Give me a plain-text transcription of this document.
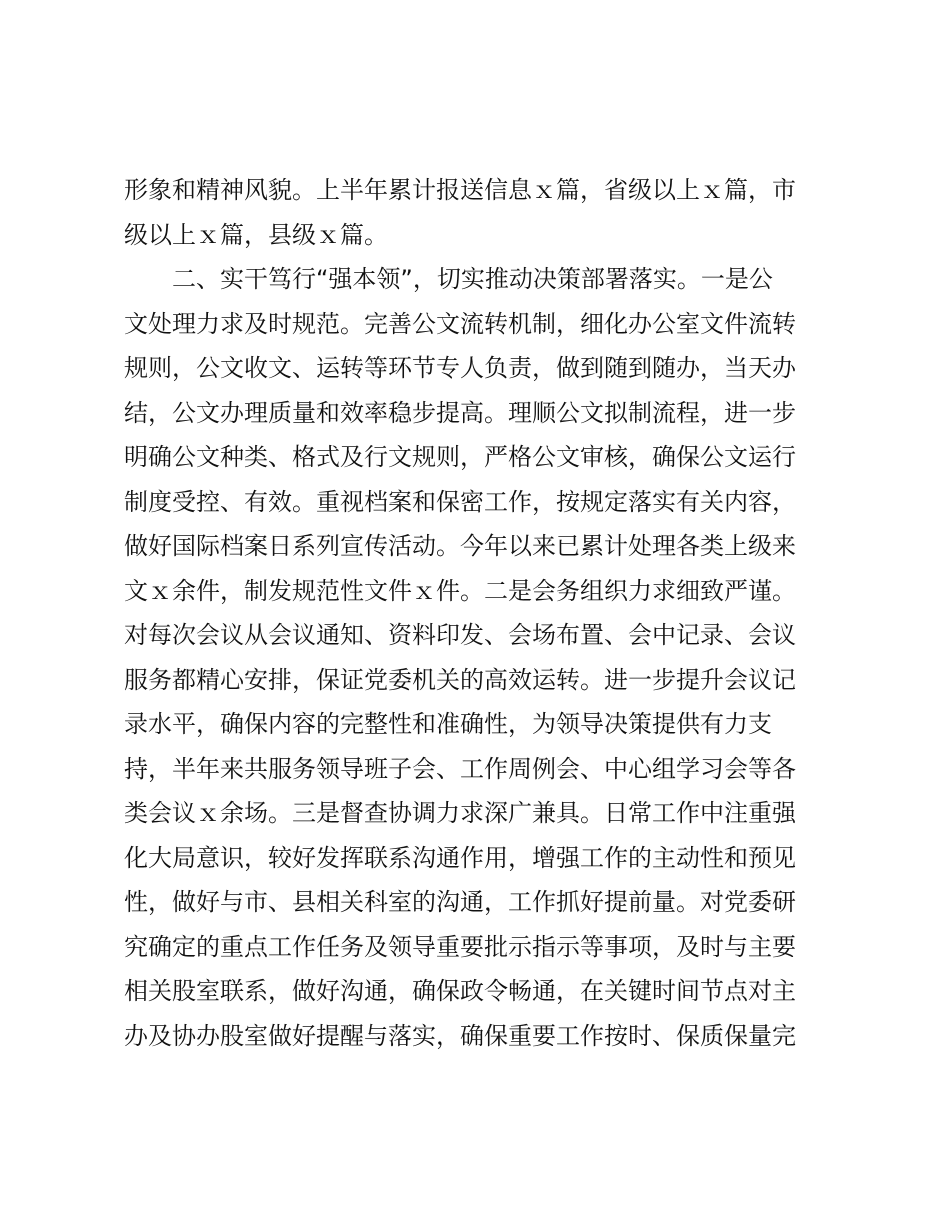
形象和精神风貌。上半年累计报送信息ｘ篇，省级以上ｘ篇，市
级以上ｘ篇，县级ｘ篇。
　　二、实干笃行“强本领”，切实推动决策部署落实。一是公
文处理力求及时规范。完善公文流转机制，细化办公室文件流转
规则，公文收文、运转等环节专人负责，做到随到随办，当天办
结，公文办理质量和效率稳步提高。理顺公文拟制流程，进一步
明确公文种类、格式及行文规则，严格公文审核，确保公文运行
制度受控、有效。重视档案和保密工作，按规定落实有关内容，
做好国际档案日系列宣传活动。今年以来已累计处理各类上级来
文ｘ余件，制发规范性文件ｘ件。二是会务组织力求细致严谨。
对每次会议从会议通知、资料印发、会场布置、会中记录、会议
服务都精心安排，保证党委机关的高效运转。进一步提升会议记
录水平，确保内容的完整性和准确性，为领导决策提供有力支
持，半年来共服务领导班子会、工作周例会、中心组学习会等各
类会议ｘ余场。三是督查协调力求深广兼具。日常工作中注重强
化大局意识，较好发挥联系沟通作用，增强工作的主动性和预见
性，做好与市、县相关科室的沟通，工作抓好提前量。对党委研
究确定的重点工作任务及领导重要批示指示等事项，及时与主要
相关股室联系，做好沟通，确保政令畅通，在关键时间节点对主
办及协办股室做好提醒与落实，确保重要工作按时、保质保量完
